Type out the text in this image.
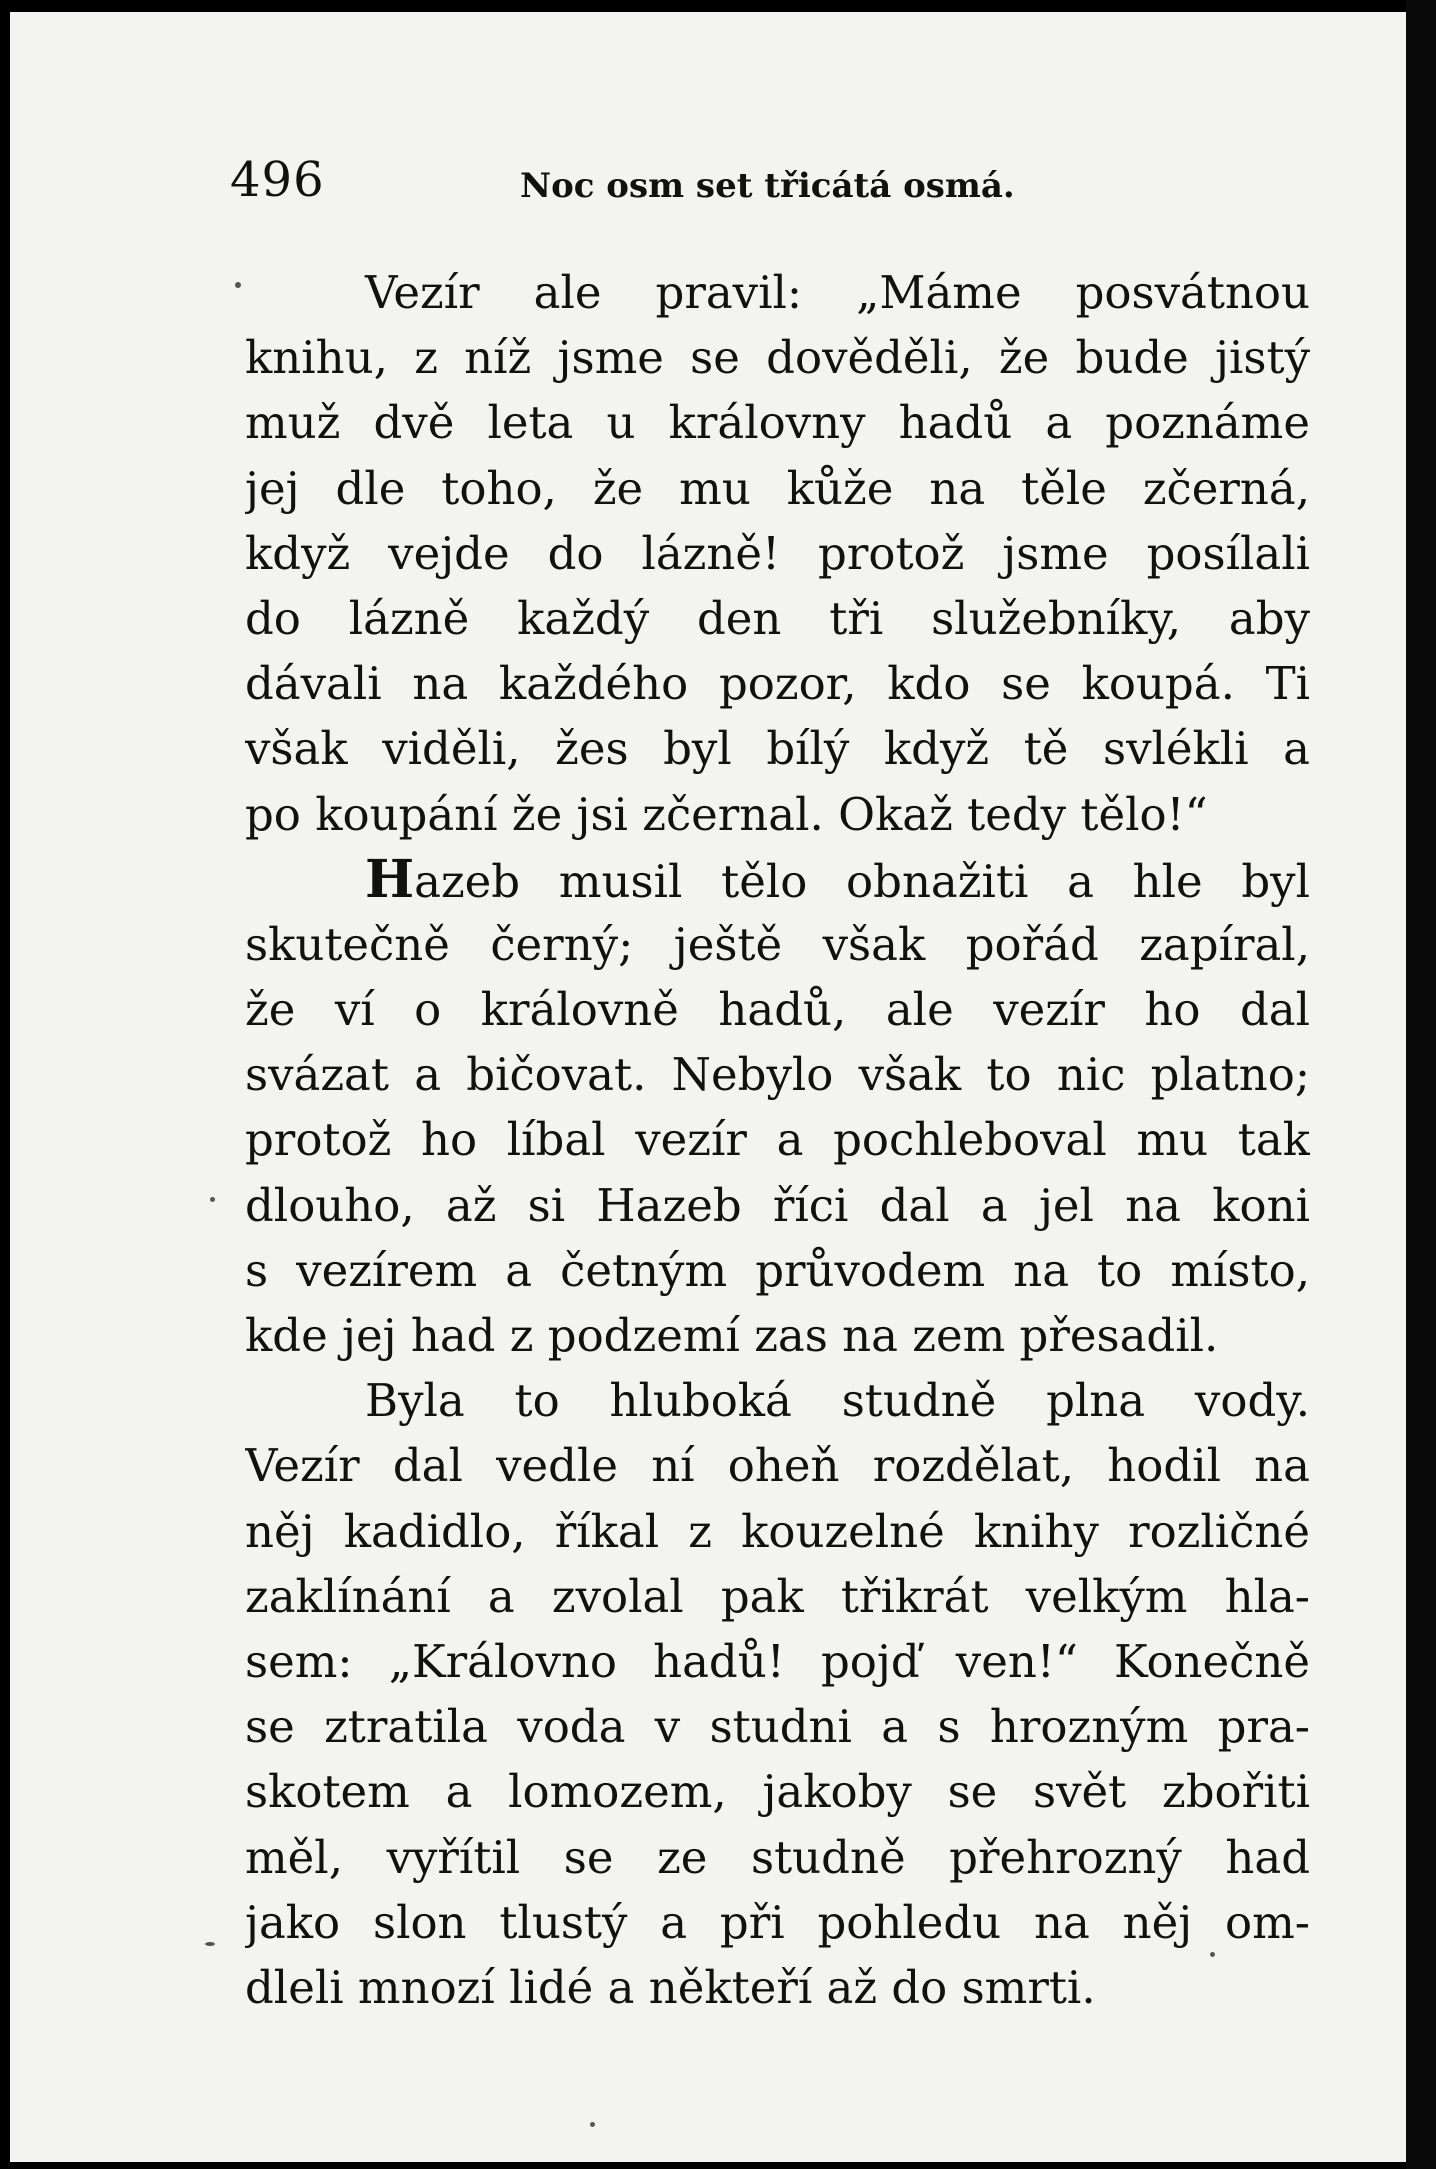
496	Noc osm set třicátá osmá.
Vezír ale pravil: „Máme posvátnou
knihu, z níž jsme se dověděli, že bude jistý
muž dvě leta u královny hadů a poznáme
jej dle toho, že mu kůže na těle zčerná,
když vejde do lázně! protož jsme posílali
do lázně každý den tři služebníky, aby
dávali na každého pozor, kdo se koupá. Ti
však viděli, žes byl bílý když tě svlékli a
po koupání že jsi zčernal. Okaž tedy tělo!“
Hazeb musil tělo obnažiti a hle byl
skutečně černý; ještě však pořád zapíral,
že ví o královně hadů, ale vezír ho dal
svázat a bičovat. Nebylo však to nic platno;
protož ho líbal vezír a pochleboval mu tak
dlouho, až si Hazeb říci dal a jel na koni
s vezírem a četným průvodem na to místo,
kde jej had z podzemí zas na zem přesadil.
Byla to hluboká studně plna vody.
Vezír dal vedle ní oheň rozdělat, hodil na
něj kadidlo, říkal z kouzelné knihy rozličné
zaklínání a zvolal pak třikrát velkým hla-
sem: „Královno hadů! pojď ven!“ Konečně
se ztratila voda v studni a s hrozným pra-
skotem a lomozem, jakoby se svět zbořiti
měl, vyřítil se ze studně přehrozný had
jako slon tlustý a při pohledu na něj om-
dleli mnozí lidé a někteří až do smrti.
